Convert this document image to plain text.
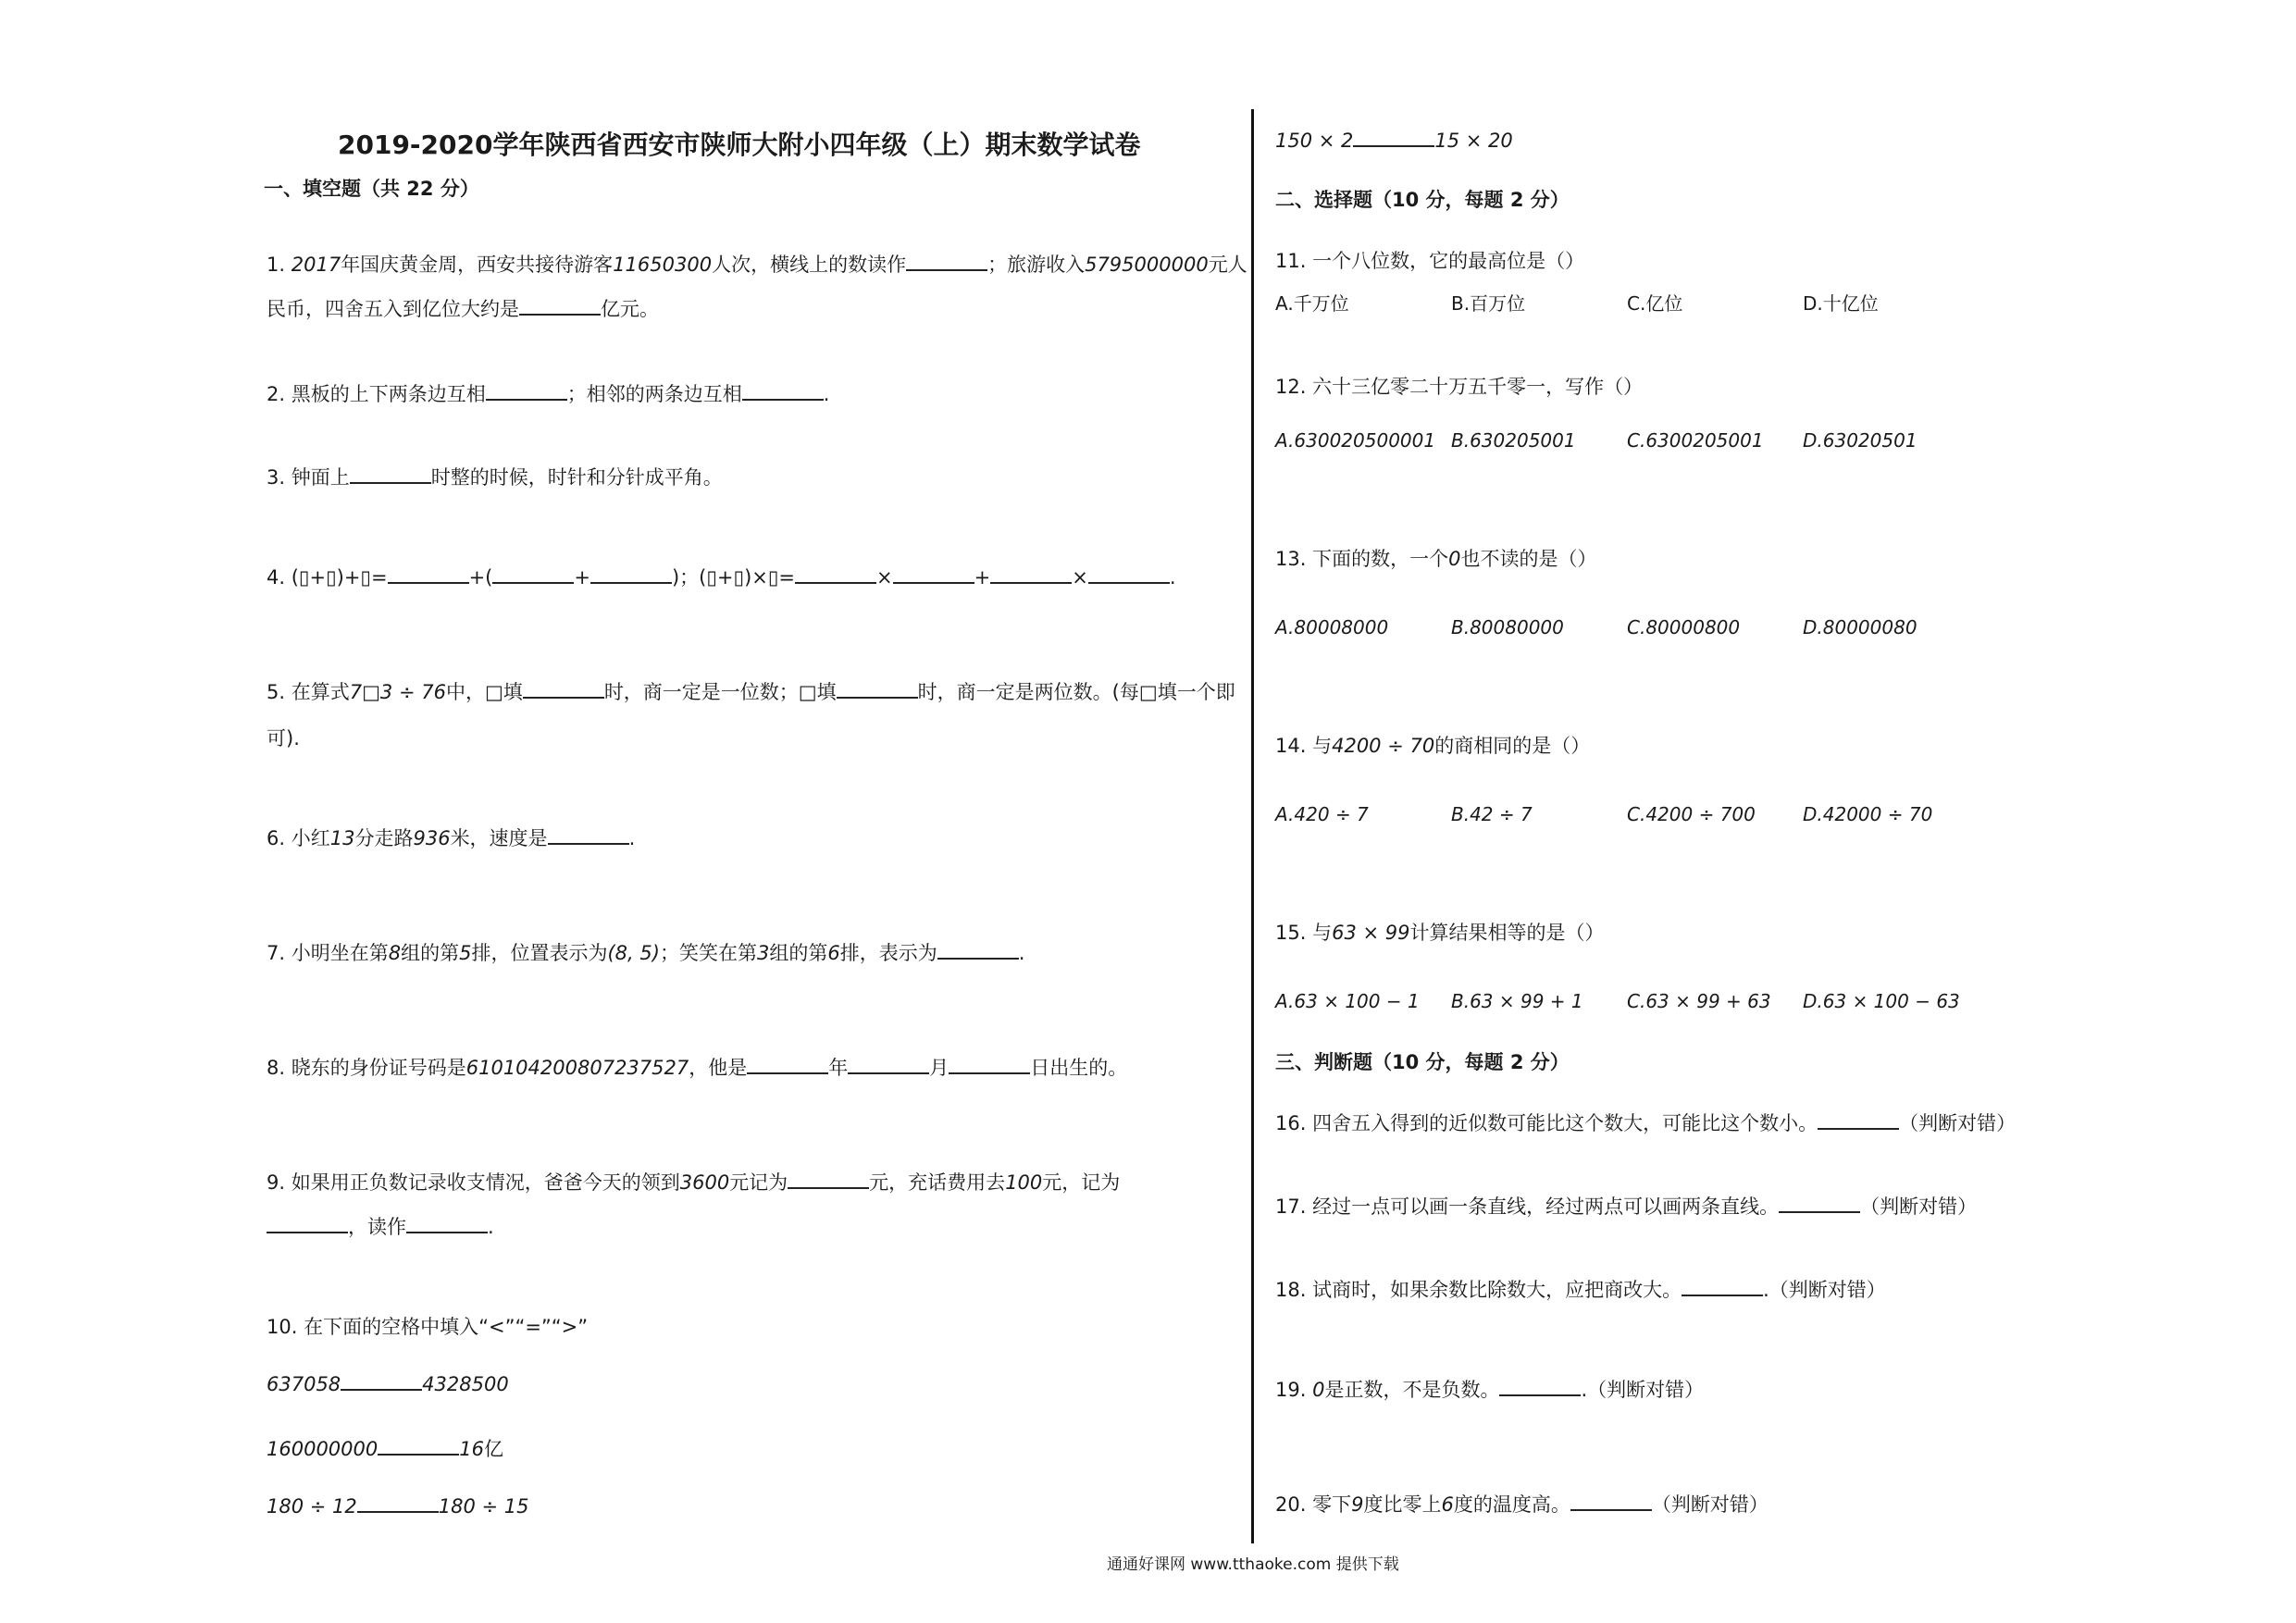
2019-2020学年陕西省西安市陕师大附小四年级（上）期末数学试卷
一、填空题（共 22 分）
1. 2017年国庆黄金周，西安共接待游客11650300人次，横线上的数读作	；旅游收入5795000000元人
民币，四舍五入到亿位大约是	亿元。
2. 黑板的上下两条边互相	；相邻的两条边互相	.
3. 钟面上	时整的时候，时针和分针成平角。
4. (▯+▯)+▯=	+(	+	)；(▯+▯)×▯=	×	+	×	.
5. 在算式7□3 ÷ 76中，□填	时，商一定是一位数；□填	时，商一定是两位数。(每□填一个即
可).
6. 小红13分走路936米，速度是	.
7. 小明坐在第8组的第5排，位置表示为(8, 5)；笑笑在第3组的第6排，表示为	.
8. 晓东的身份证号码是610104200807237527，他是	年	月	日出生的。
9. 如果用正负数记录收支情况，爸爸今天的领到3600元记为	元，充话费用去100元，记为
，读作	.
10. 在下面的空格中填入“<”“=”“>”
637058	4328500
160000000	16亿
180 ÷ 12	180 ÷ 15
150 × 2	15 × 20
二、选择题（10 分，每题 2 分）
11. 一个八位数，它的最高位是（）
A.千万位	B.百万位	C.亿位	D.十亿位
12. 六十三亿零二十万五千零一，写作（）
A.630020500001 B.630205001	C.6300205001 D.63020501
13. 下面的数，一个0也不读的是（）
A.80008000	B.80080000	C.80000800	D.80000080
14. 与4200 ÷ 70的商相同的是（）
A.420 ÷ 7	B.42 ÷ 7	C.4200 ÷ 700	D.42000 ÷ 70
15. 与63 × 99计算结果相等的是（）
A.63 × 100 − 1 B.63 × 99 + 1 C.63 × 99 + 63 D.63 × 100 − 63
三、判断题（10 分，每题 2 分）
16. 四舍五入得到的近似数可能比这个数大，可能比这个数小。	（判断对错）
17. 经过一点可以画一条直线，经过两点可以画两条直线。	（判断对错）
18. 试商时，如果余数比除数大，应把商改大。	.（判断对错）
19. 0是正数，不是负数。	.（判断对错）
20. 零下9度比零上6度的温度高。	（判断对错）
通通好课网 www.tthaoke.com 提供下载
